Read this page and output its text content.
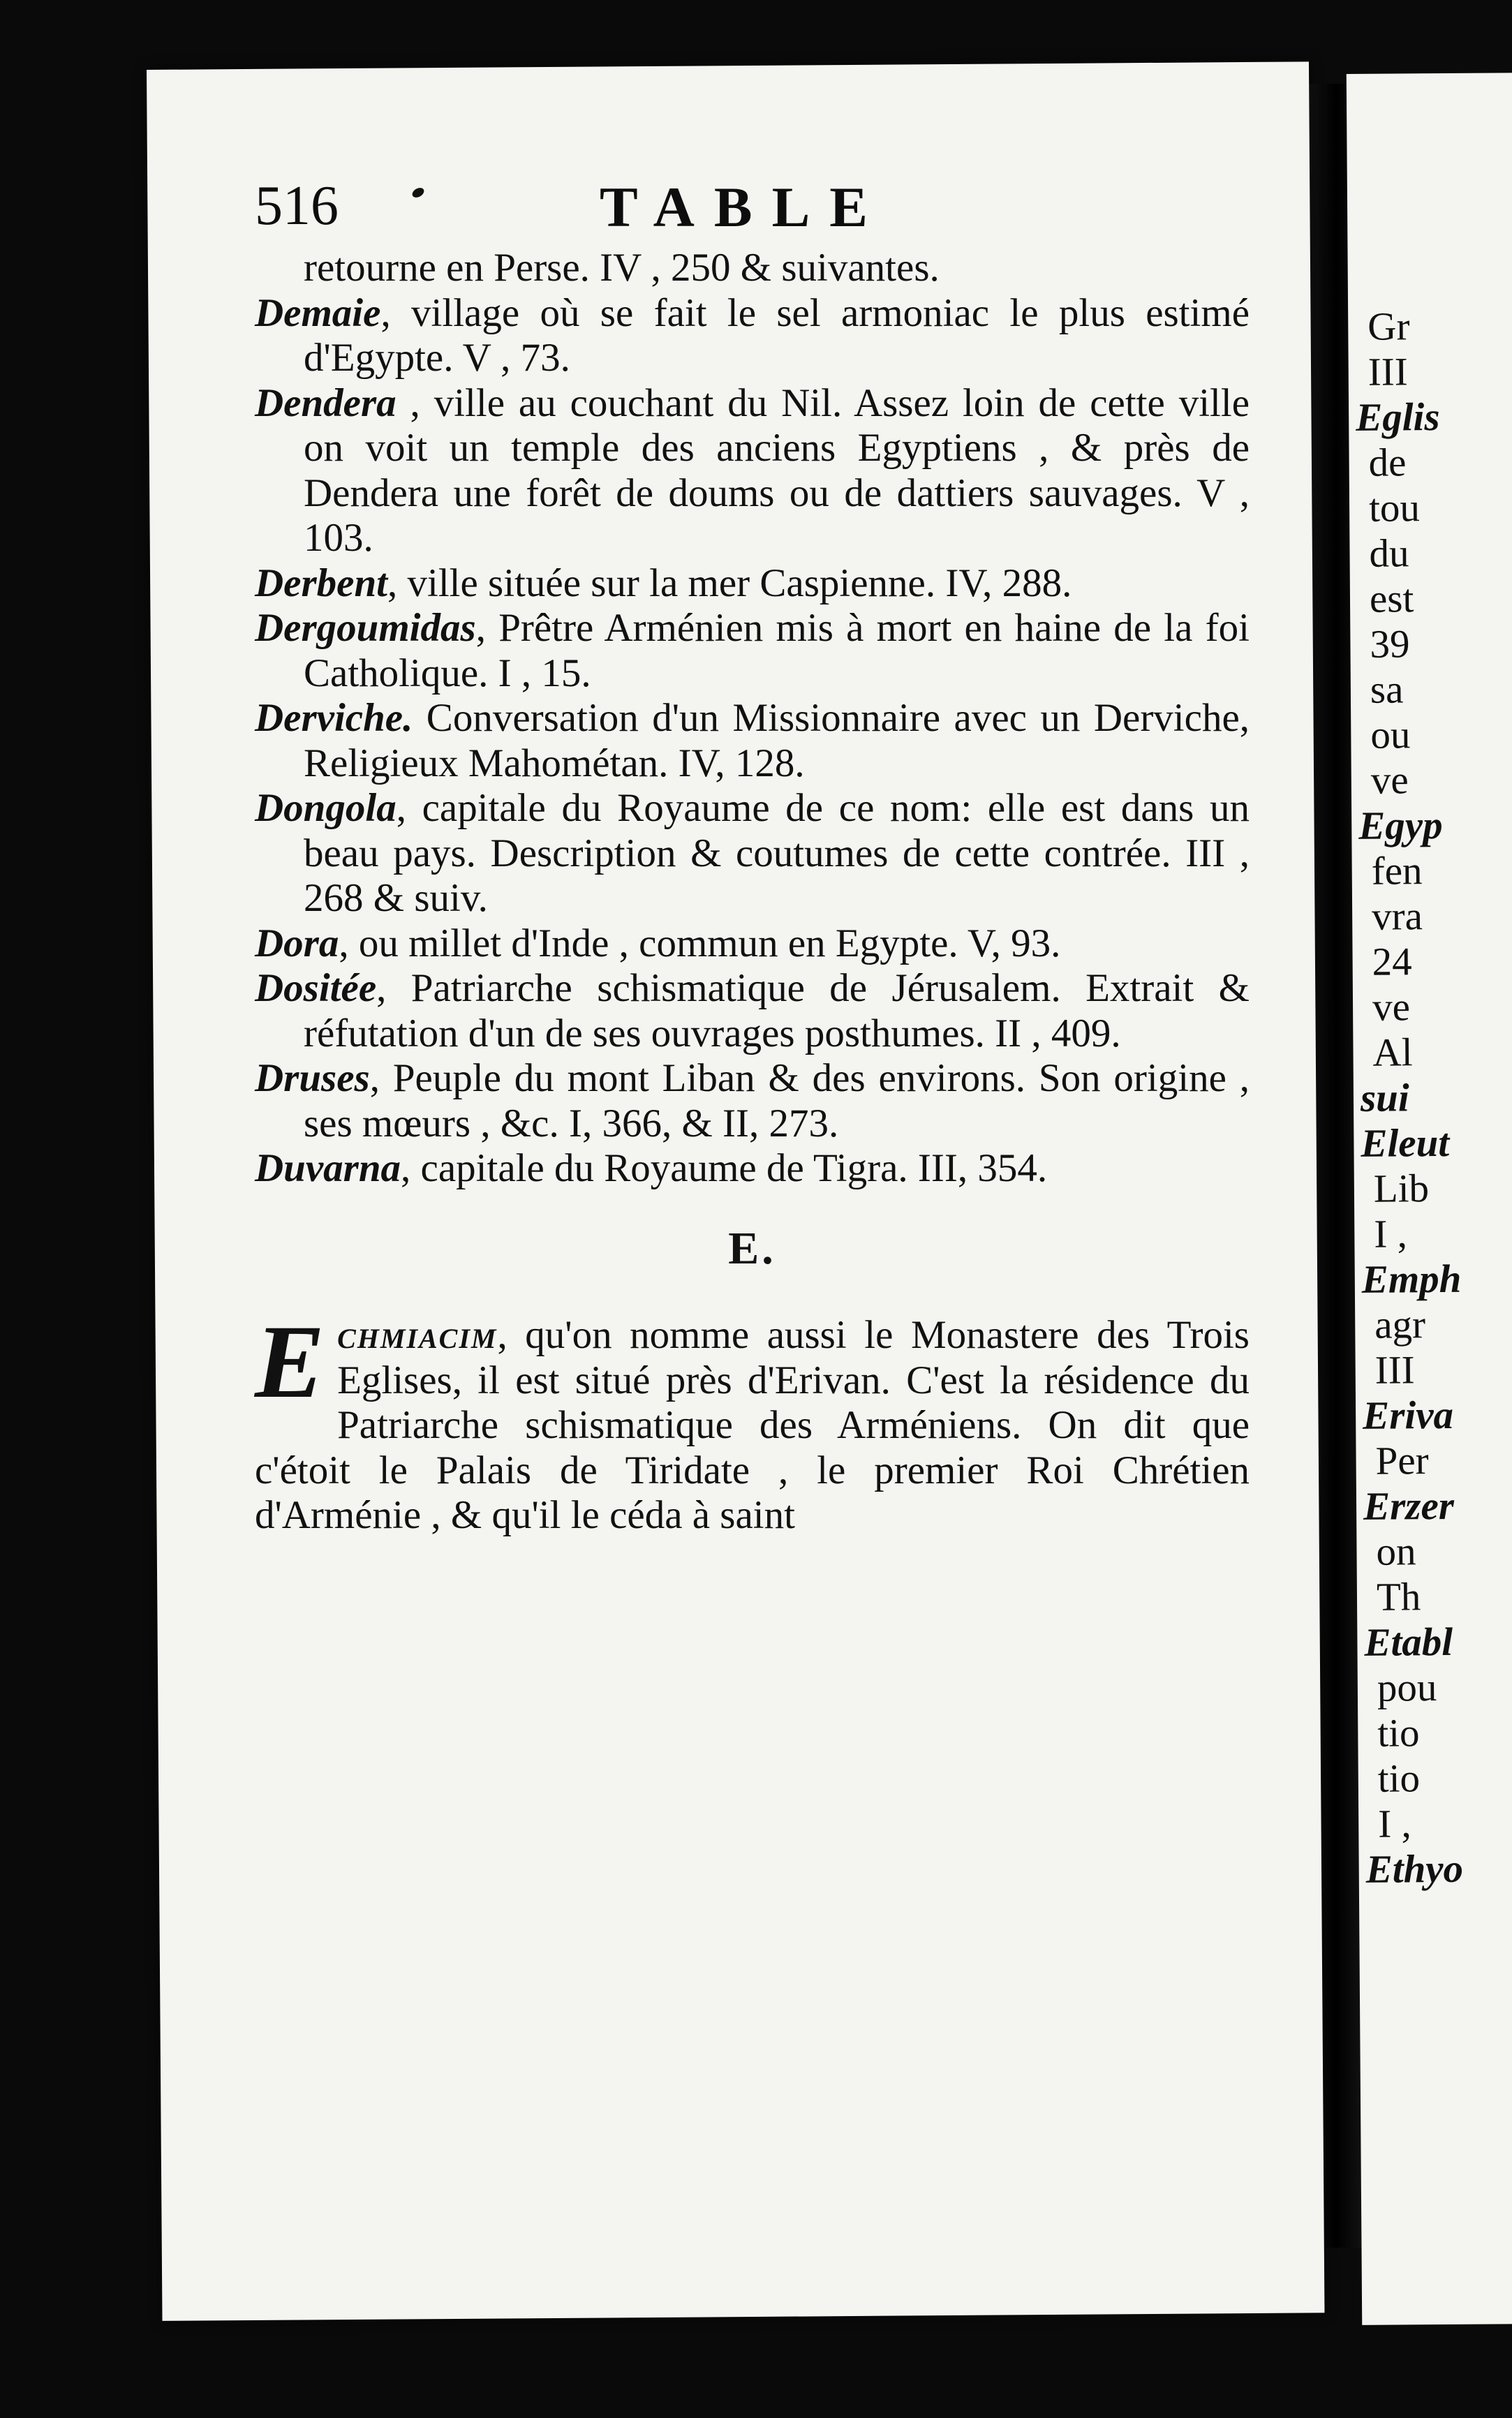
516	TABLE
retourne en Perse. IV , 250 & suivantes.
Demaie, village où se fait le sel armoniac le plus estimé d'Egypte. V , 73.
Dendera , ville au couchant du Nil. Assez loin de cette ville on voit un temple des anciens Egyptiens , & près de Dendera une forêt de doums ou de dattiers sauvages. V , 103.
Derbent, ville située sur la mer Caspienne. IV, 288.
Dergoumidas, Prêtre Arménien mis à mort en haine de la foi Catholique. I , 15.
Derviche. Conversation d'un Missionnaire avec un Derviche, Religieux Mahométan. IV, 128.
Dongola, capitale du Royaume de ce nom: elle est dans un beau pays. Description & coutumes de cette contrée. III , 268 & suiv.
Dora, ou millet d'Inde , commun en Egypte. V, 93.
Dositée, Patriarche schismatique de Jérusalem. Extrait & réfutation d'un de ses ouvrages posthumes. II , 409.
Druses, Peuple du mont Liban & des environs. Son origine , ses mœurs , &c. I, 366, & II, 273.
Duvarna, capitale du Royaume de Tigra. III, 354.
E.
Echmiacim, qu'on nomme aussi le Monastere des Trois Eglises, il est situé près d'Erivan. C'est la résidence du Patriarche schismatique des Arméniens. On dit que c'étoit le Palais de Tiridate , le premier Roi Chrétien d'Arménie , & qu'il le céda à saint
Gr
III
Eglis
de
tou
du
est
39
sa
ou
ve
Egyp
fen
vra
24
ve
Al
sui
Eleut
Lib
I ,
Emph
agr
III
Eriva
Per
Erzer
on
Th
Etabl
pou
tio
tio
I ,
Ethyo
